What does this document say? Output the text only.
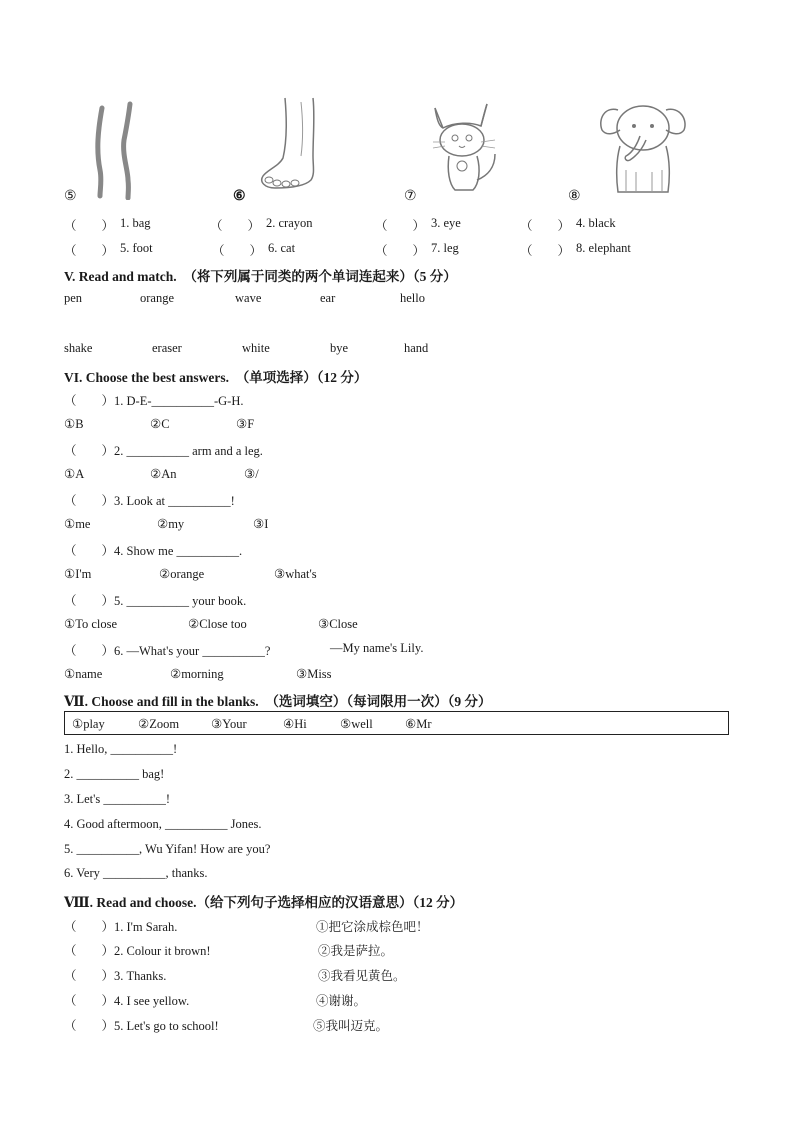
⑤	⑥	⑦	⑧
（　　） 1. bag	（　　） 2. crayon	（　　） 3. eye	（　　） 4. black
（　　） 5. foot	（　　） 6. cat	（　　） 7. leg	（　　） 8. elephant
V. Read and match.　（将下列属于同类的两个单词连起来）（5 分）
pen	orange	wave	ear	hello
shake	eraser	white	bye	hand
VI. Choose the best answers.　（单项选择）（12 分）
（　　）1. D-E-__________-G-H.
①B	②C	③F
（　　）2. __________ arm and a leg.
①A	②An	③/
（　　）3. Look at __________!
①me	②my	③I
（　　）4. Show me __________.
①I'm	②orange	③what's
（　　）5. __________ your book.
①To close	②Close too	③Close
（　　）6. —What's your __________?	—My name's Lily.
①name	②morning	③Miss
Ⅶ. Choose and fill in the blanks.　（选词填空）（每词限用一次）（9 分）
①play	②Zoom	③Your	④Hi	⑤well	⑥Mr
1. Hello, __________!
2. __________ bag!
3. Let's __________!
4. Good aftermoon, __________ Jones.
5. __________, Wu Yifan! How are you?
6. Very __________, thanks.
Ⅷ. Read and choose.（给下列句子选择相应的汉语意思）（12 分）
（　　）1. I'm Sarah.	①把它涂成棕色吧！
（　　）2. Colour it brown!	②我是萨拉。
（　　）3. Thanks.	③我看见黄色。
（　　）4. I see yellow.	④谢谢。
（　　）5. Let's go to school!	⑤我叫迈克。
